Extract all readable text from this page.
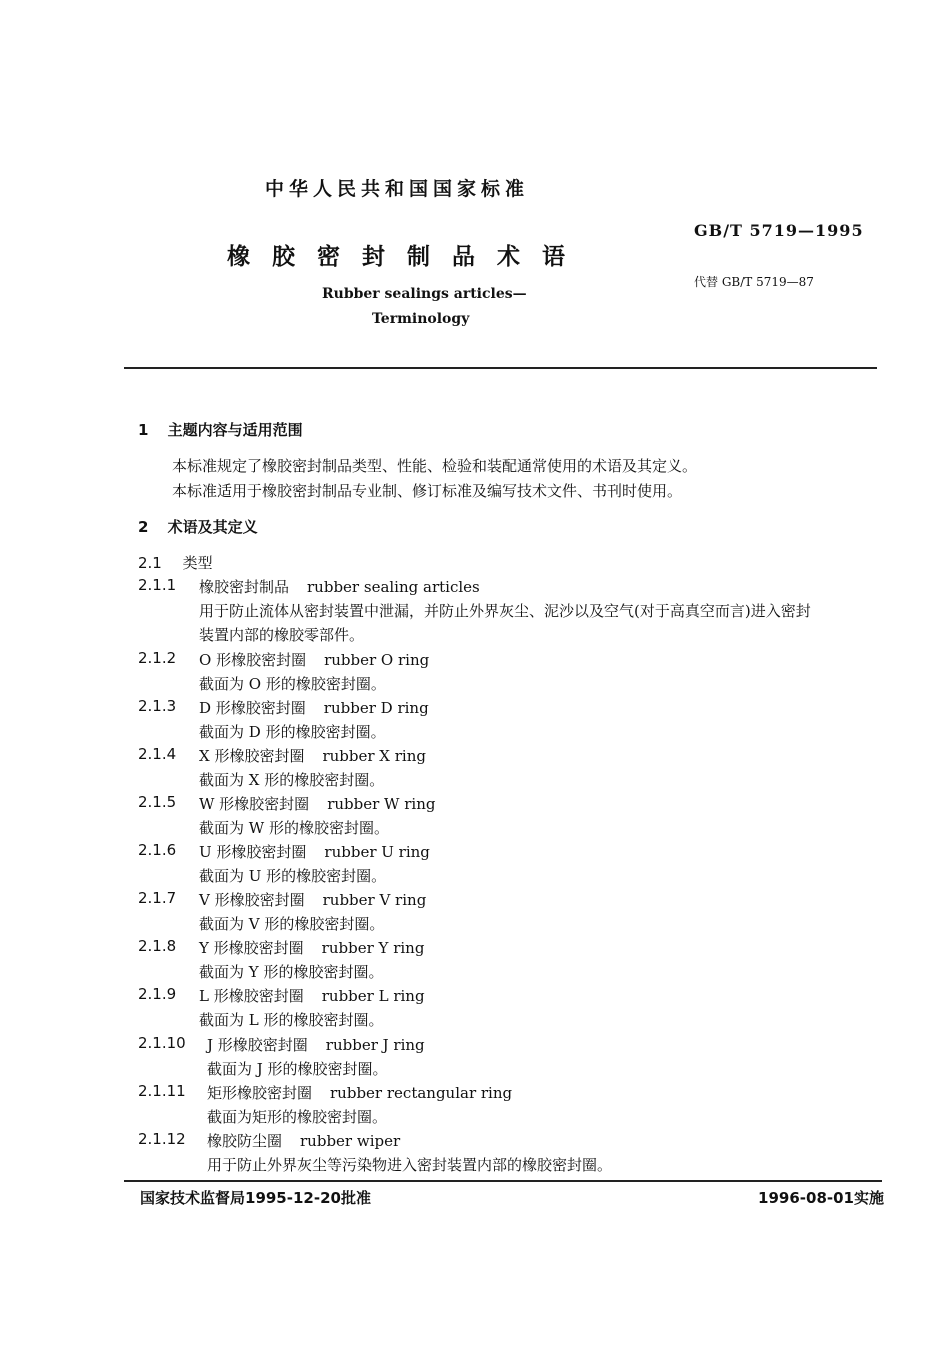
中华人民共和国国家标准
GB/T 5719—1995
橡胶密封制品术语
代替 GB/T 5719—87
Rubber sealings articles—
Terminology
1 主题内容与适用范围
本标准规定了橡胶密封制品类型、性能、检验和装配通常使用的术语及其定义。
本标准适用于橡胶密封制品专业制、修订标准及编写技术文件、书刊时使用。
2 术语及其定义
2.1 类型
2.1.1 橡胶密封制品 rubber sealing articles
用于防止流体从密封装置中泄漏，并防止外界灰尘、泥沙以及空气(对于高真空而言)进入密封
装置内部的橡胶零部件。
2.1.2 O 形橡胶密封圈 rubber O ring
截面为 O 形的橡胶密封圈。
2.1.3 D 形橡胶密封圈 rubber D ring
截面为 D 形的橡胶密封圈。
2.1.4 X 形橡胶密封圈 rubber X ring
截面为 X 形的橡胶密封圈。
2.1.5 W 形橡胶密封圈 rubber W ring
截面为 W 形的橡胶密封圈。
2.1.6 U 形橡胶密封圈 rubber U ring
截面为 U 形的橡胶密封圈。
2.1.7 V 形橡胶密封圈 rubber V ring
截面为 V 形的橡胶密封圈。
2.1.8 Y 形橡胶密封圈 rubber Y ring
截面为 Y 形的橡胶密封圈。
2.1.9 L 形橡胶密封圈 rubber L ring
截面为 L 形的橡胶密封圈。
2.1.10 J 形橡胶密封圈 rubber J ring
截面为 J 形的橡胶密封圈。
2.1.11 矩形橡胶密封圈 rubber rectangular ring
截面为矩形的橡胶密封圈。
2.1.12 橡胶防尘圈 rubber wiper
用于防止外界灰尘等污染物进入密封装置内部的橡胶密封圈。
国家技术监督局1995-12-20批准	1996-08-01实施
